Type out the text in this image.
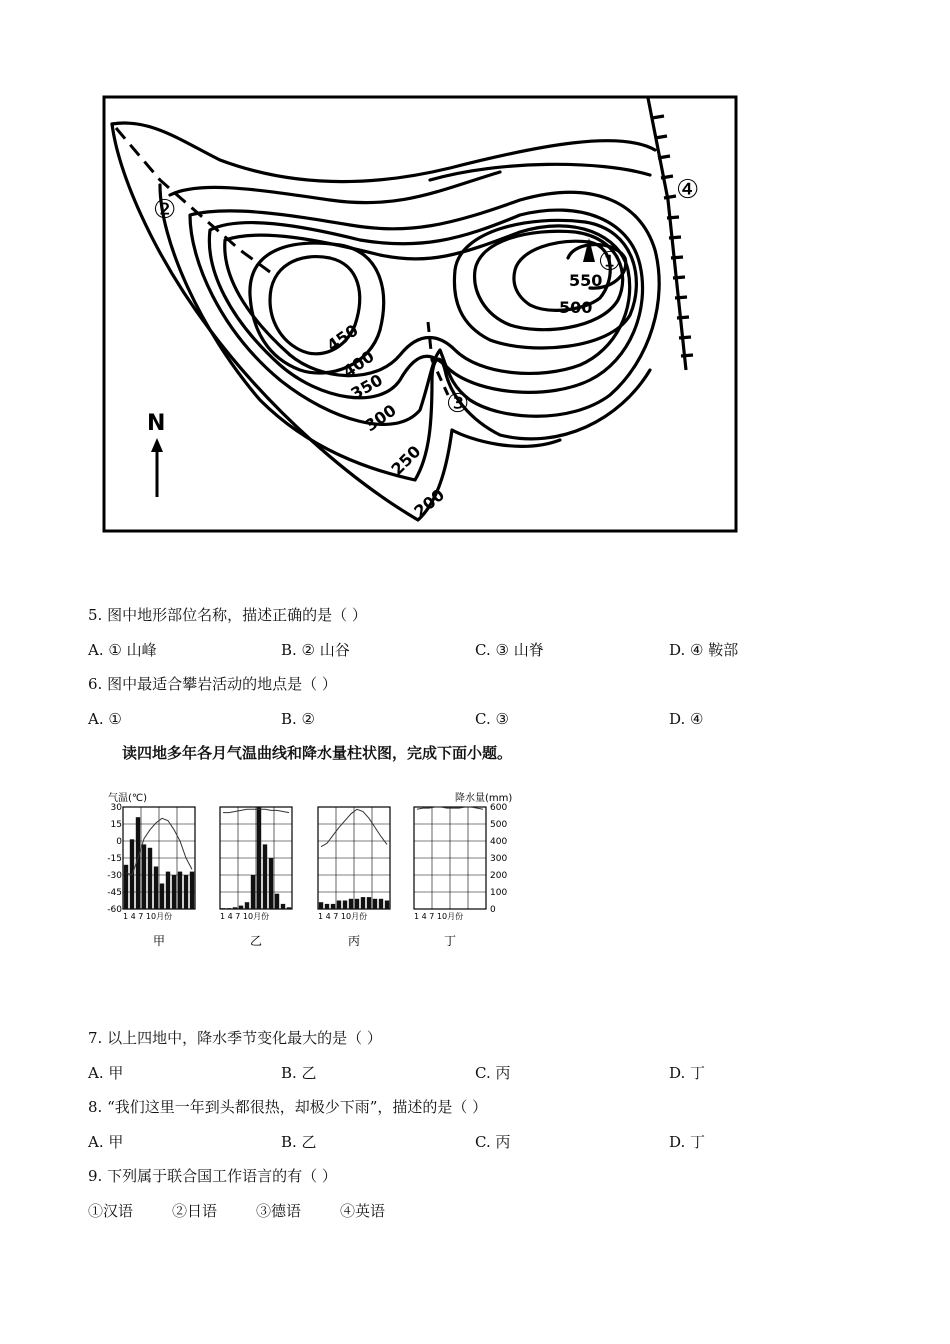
N
550
500
450
400
350
300
250
200
①
②
③
④
5. 图中地形部位名称，描述正确的是（ ）
A. ① 山峰	B. ② 山谷	C. ③ 山脊	D. ④ 鞍部
6. 图中最适合攀岩活动的地点是（ ）
A. ①	B. ②	C. ③	D. ④
读四地多年各月气温曲线和降水量柱状图，完成下面小题。
气温(℃)	降水量(mm)
30
15
0
-15
-30
-45
-60
600
500
400
300
200
100
0
1 4 7 10月份
甲
1 4 7 10月份
乙
1 4 7 10月份
丙
1 4 7 10月份
丁
7. 以上四地中，降水季节变化最大的是（ ）
A. 甲	B. 乙	C. 丙	D. 丁
8. “我们这里一年到头都很热，却极少下雨”，描述的是（ ）
A. 甲	B. 乙	C. 丙	D. 丁
9. 下列属于联合国工作语言的有（ ）
①汉语	②日语	③德语	④英语
